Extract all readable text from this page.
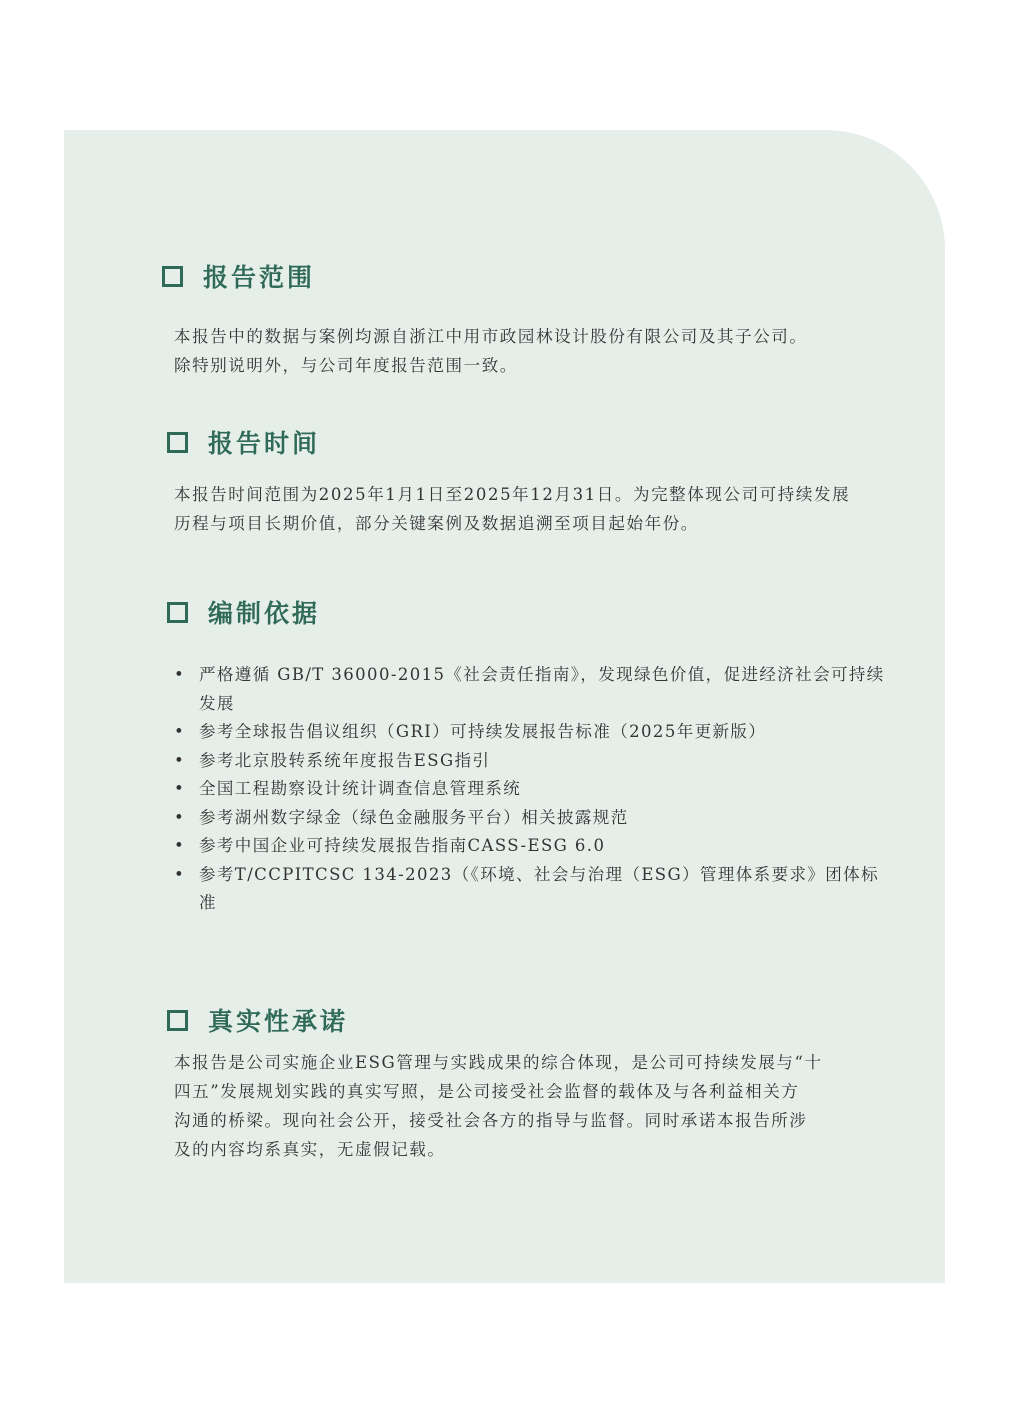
报告范围

本报告中的数据与案例均源自浙江中用市政园林设计股份有限公司及其子公司。
除特别说明外，与公司年度报告范围一致。

报告时间

本报告时间范围为2025年1月1日至2025年12月31日。为完整体现公司可持续发展
历程与项目长期价值，部分关键案例及数据追溯至项目起始年份。

编制依据
• 严格遵循 GB/T 36000-2015《社会责任指南》，发现绿色价值，促进经济社会可持续发展
• 参考全球报告倡议组织（GRI）可持续发展报告标准（2025年更新版）
• 参考北京股转系统年度报告ESG指引
• 全国工程勘察设计统计调查信息管理系统
• 参考湖州数字绿金（绿色金融服务平台）相关披露规范
• 参考中国企业可持续发展报告指南CASS-ESG 6.0
• 参考T/CCPITCSC 134-2023（《环境、社会与治理（ESG）管理体系要求》团体标准
真实性承诺

本报告是公司实施企业ESG管理与实践成果的综合体现，是公司可持续发展与“十
四五”发展规划实践的真实写照，是公司接受社会监督的载体及与各利益相关方
沟通的桥梁。现向社会公开，接受社会各方的指导与监督。同时承诺本报告所涉
及的内容均系真实，无虚假记载。
